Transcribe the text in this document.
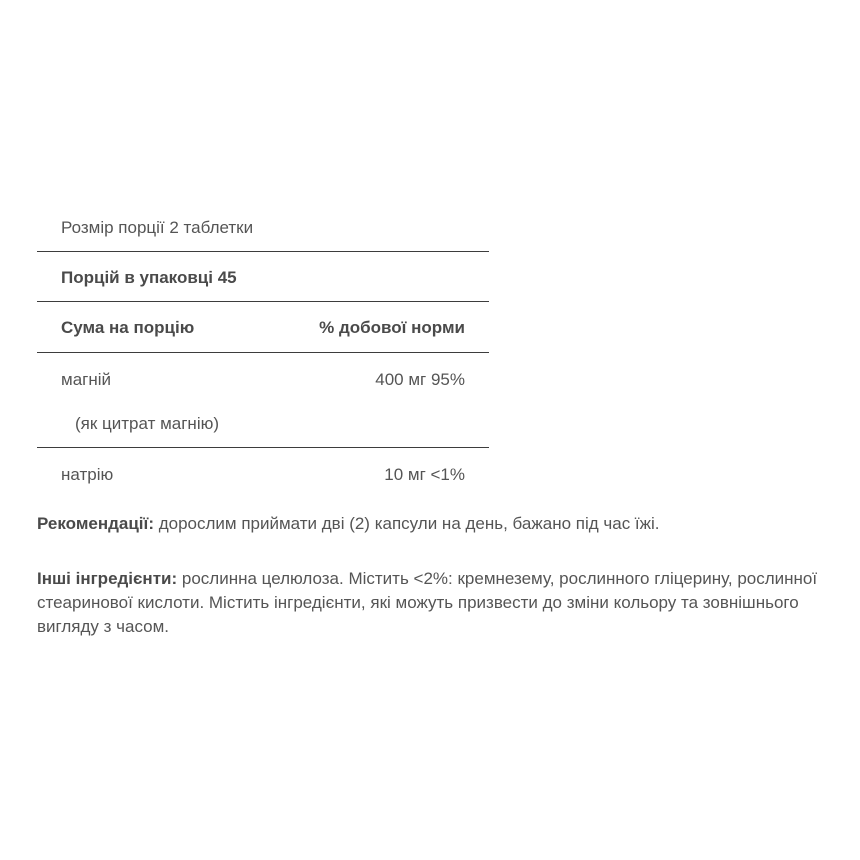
Розмір порції 2 таблетки
Порцій в упаковці 45
Сума на порцію	% добової норми
магній	400 мг 95%
(як цитрат магнію)
натрію	10 мг <1%
Рекомендації: дорослим приймати дві (2) капсули на день, бажано під час їжі.
Інші інгредієнти: рослинна целюлоза. Містить <2%: кремнезему, рослинного гліцерину, рослинної стеаринової кислоти. Містить інгредієнти, які можуть призвести до зміни кольору та зовнішнього вигляду з часом.
